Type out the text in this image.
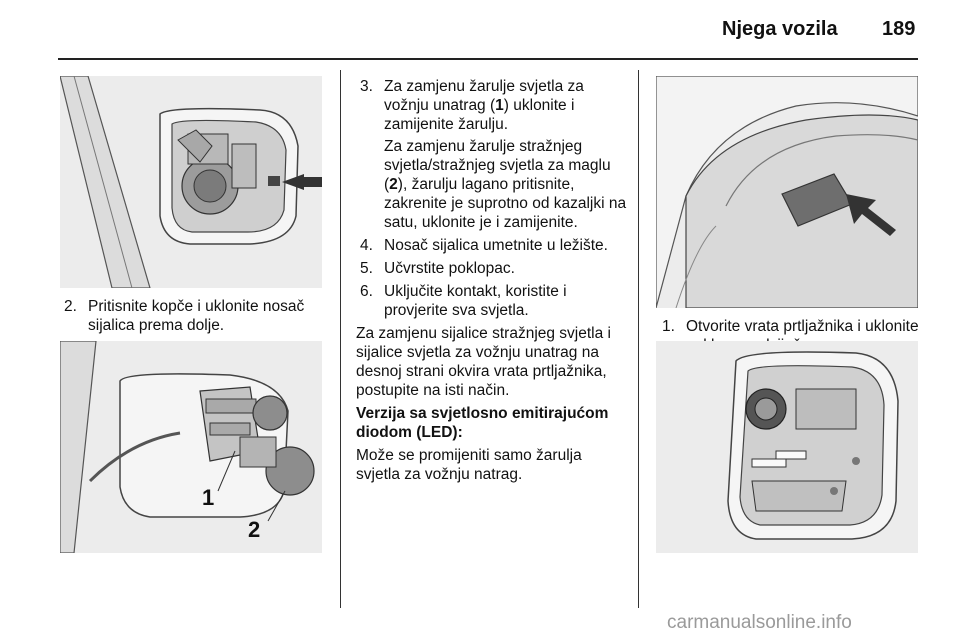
Njega vozila 189
2. Pritisnite kopče i uklonite nosač sijalica prema dolje.

1
2
3. Za zamjenu žarulje svjetla za vožnju unatrag (1) uklonite i zamijenite žarulju.

Za zamjenu žarulje stražnjeg svjetla/stražnjeg svjetla za maglu (2), žarulju lagano pritisnite, zakrenite je suprotno od kazaljki na satu, uklonite je i zamijenite.

4. Nosač sijalica umetnite u ležište.

5. Učvrstite poklopac.

6. Uključite kontakt, koristite i provjerite sva svjetla.

Za zamjenu sijalice stražnjeg svjetla i sijalice svjetla za vožnju unatrag na desnoj strani okvira vrata prtljažnika, postupite na isti način.

Verzija sa svjetlosno emitirajućom diodom (LED):

Može se promijeniti samo žarulja svjetla za vožnju natrag.

1. Otvorite vrata prtljažnika i uklonite

carmanualsonline.info
